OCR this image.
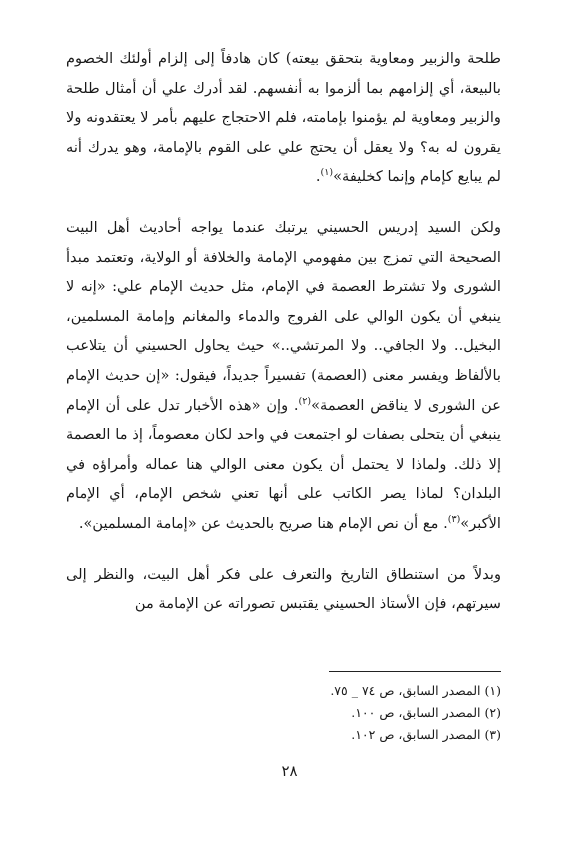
طلحة والزبير ومعاوية بتحقق بيعته) كان هادفاً إلى إلزام أولئك الخصوم بالبيعة، أي إلزامهم بما ألزموا به أنفسهم. لقد أدرك علي أن أمثال طلحة والزبير ومعاوية لم يؤمنوا بإمامته، فلم الاحتجاج عليهم بأمر لا يعتقدونه ولا يقرون له به؟ ولا يعقل أن يحتج علي على القوم بالإمامة، وهو يدرك أنه لم يبايع كإمام وإنما كخليفة»$^{(١)}$.

ولكن السيد إدريس الحسيني يرتبك عندما يواجه أحاديث أهل البيت الصحيحة التي تمزج بين مفهومي الإمامة والخلافة أو الولاية، وتعتمد مبدأ الشورى ولا تشترط العصمة في الإمام، مثل حديث الإمام علي: «إنه لا ينبغي أن يكون الوالي على الفروج والدماء والمغانم وإمامة المسلمين، البخيل.. ولا الجافي.. ولا المرتشي..» حيث يحاول الحسيني أن يتلاعب بالألفاظ ويفسر معنى (العصمة) تفسيراً جديداً، فيقول: «إن حديث الإمام عن الشورى لا يناقض العصمة»$^{(٢)}$. وإن «هذه الأخبار تدل على أن الإمام ينبغي أن يتحلى بصفات لو اجتمعت في واحد لكان معصوماً، إذ ما العصمة إلا ذلك. ولماذا لا يحتمل أن يكون معنى الوالي هنا عماله وأمراؤه في البلدان؟ لماذا يصر الكاتب على أنها تعني شخص الإمام، أي الإمام الأكبر»$^{(٣)}$. مع أن نص الإمام هنا صريح بالحديث عن «إمامة المسلمين».

وبدلاً من استنطاق التاريخ والتعرف على فكر أهل البيت، والنظر إلى سيرتهم، فإن الأستاذ الحسيني يقتبس تصوراته عن الإمامة من

(١) المصدر السابق، ص ٧٤ _ ٧٥.

(٢) المصدر السابق، ص ١٠٠.

(٣) المصدر السابق، ص ١٠٢.

٢٨
